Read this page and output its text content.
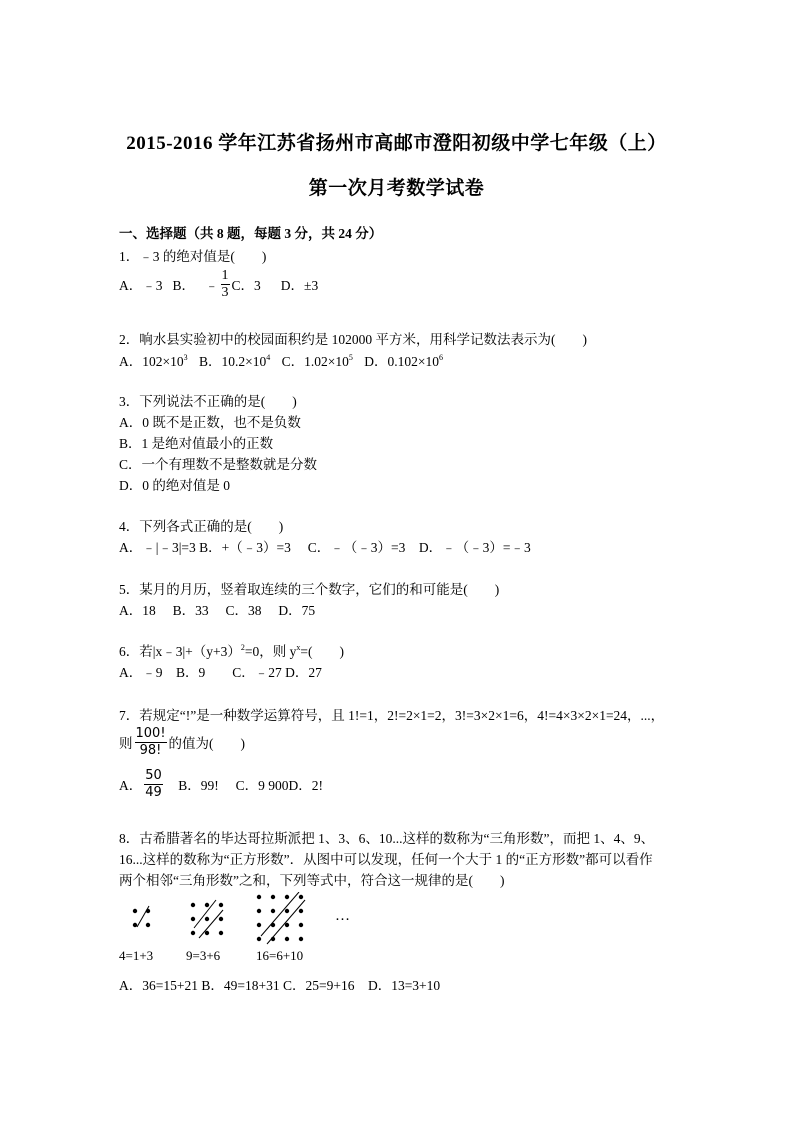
2015-2016 学年江苏省扬州市高邮市澄阳初级中学七年级（上）
第一次月考数学试卷
一、选择题（共 8 题，每题 3 分，共 24 分）
1．﹣3 的绝对值是(　　)
A．﹣3 B． ﹣ $\frac{1}{3}$ C．3 D．±3
2．响水县实验初中的校园面积约是 102000 平方米，用科学记数法表示为(　　)
A．$102\times 10^3$ B．$10.2\times 10^4$ C．$1.02\times 10^5$ D．$0.102\times 10^6$
3．下列说法不正确的是(　　)
A．0 既不是正数，也不是负数
B．1 是绝对值最小的正数
C．一个有理数不是整数就是分数
D．0 的绝对值是 0
4．下列各式正确的是(　　)
A．﹣|﹣3|=3 B．+（﹣3）=3　 C．﹣（﹣3）=3　D．﹣（﹣3）=﹣3
5．某月的月历，竖着取连续的三个数字，它们的和可能是(　　)
A．18　 B．33　 C．38　 D．75
6．若$|x﹣3|+(y+3)^2=0$，则 $y^x=$(　　)
A．﹣9　B．9　　C．﹣27 D．27
7．若规定“!”是一种数学运算符号，且 1!=1，2!=2×1=2，3!=3×2×1=6，4!=4×3×2×1=24，...，
则 $\frac{100!}{98!}$ 的值为(　　)
A． $\frac{50}{49}$ 　B．99!　 C．9 900D．2!
8．古希腊著名的毕达哥拉斯派把 1、3、6、10...这样的数称为“三角形数”，而把 1、4、9、
16...这样的数称为“正方形数”．从图中可以发现，任何一个大于 1 的“正方形数”都可以看作
两个相邻“三角形数”之和，下列等式中，符合这一规律的是(　　)
4=1+3	9=3+6	16=6+10
…
A．36=15+21 B．49=18+31 C．25=9+16　D．13=3+10
